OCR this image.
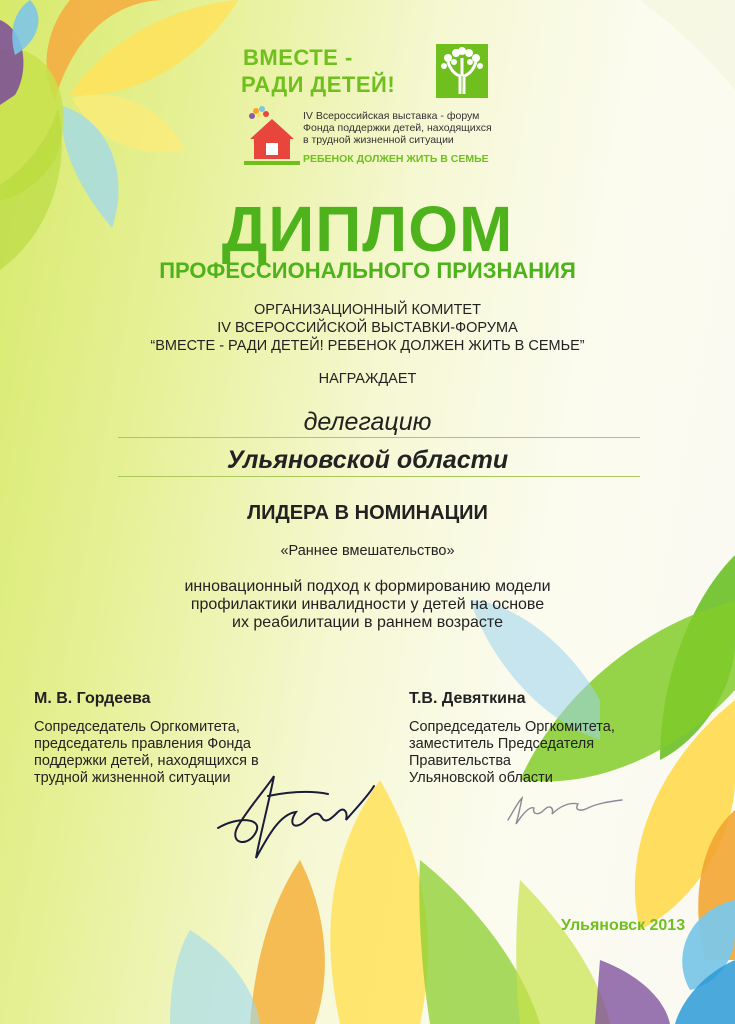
ВМЕСТЕ -
РАДИ ДЕТЕЙ!
IV Всероссийская выставка - форум
Фонда поддержки детей, находящихся
в трудной жизненной ситуации
РЕБЕНОК ДОЛЖЕН ЖИТЬ В СЕМЬЕ
ДИПЛОМ
ПРОФЕССИОНАЛЬНОГО ПРИЗНАНИЯ
ОРГАНИЗАЦИОННЫЙ КОМИТЕТ
IV ВСЕРОССИЙСКОЙ ВЫСТАВКИ-ФОРУМА
“ВМЕСТЕ - РАДИ ДЕТЕЙ! РЕБЕНОК ДОЛЖЕН ЖИТЬ В СЕМЬЕ”
НАГРАЖДАЕТ
делегацию
Ульяновской области
ЛИДЕРА В НОМИНАЦИИ
«Раннее вмешательство»
инновационный подход к формированию модели
профилактики инвалидности у детей на основе
их реабилитации в раннем возрасте
М. В. Гордеева
Сопредседатель Оргкомитета,
председатель правления Фонда
поддержки детей, находящихся в
трудной жизненной ситуации
Т.В. Девяткина
Сопредседатель Оргкомитета,
заместитель Председателя
Правительства
Ульяновской области
Ульяновск 2013
